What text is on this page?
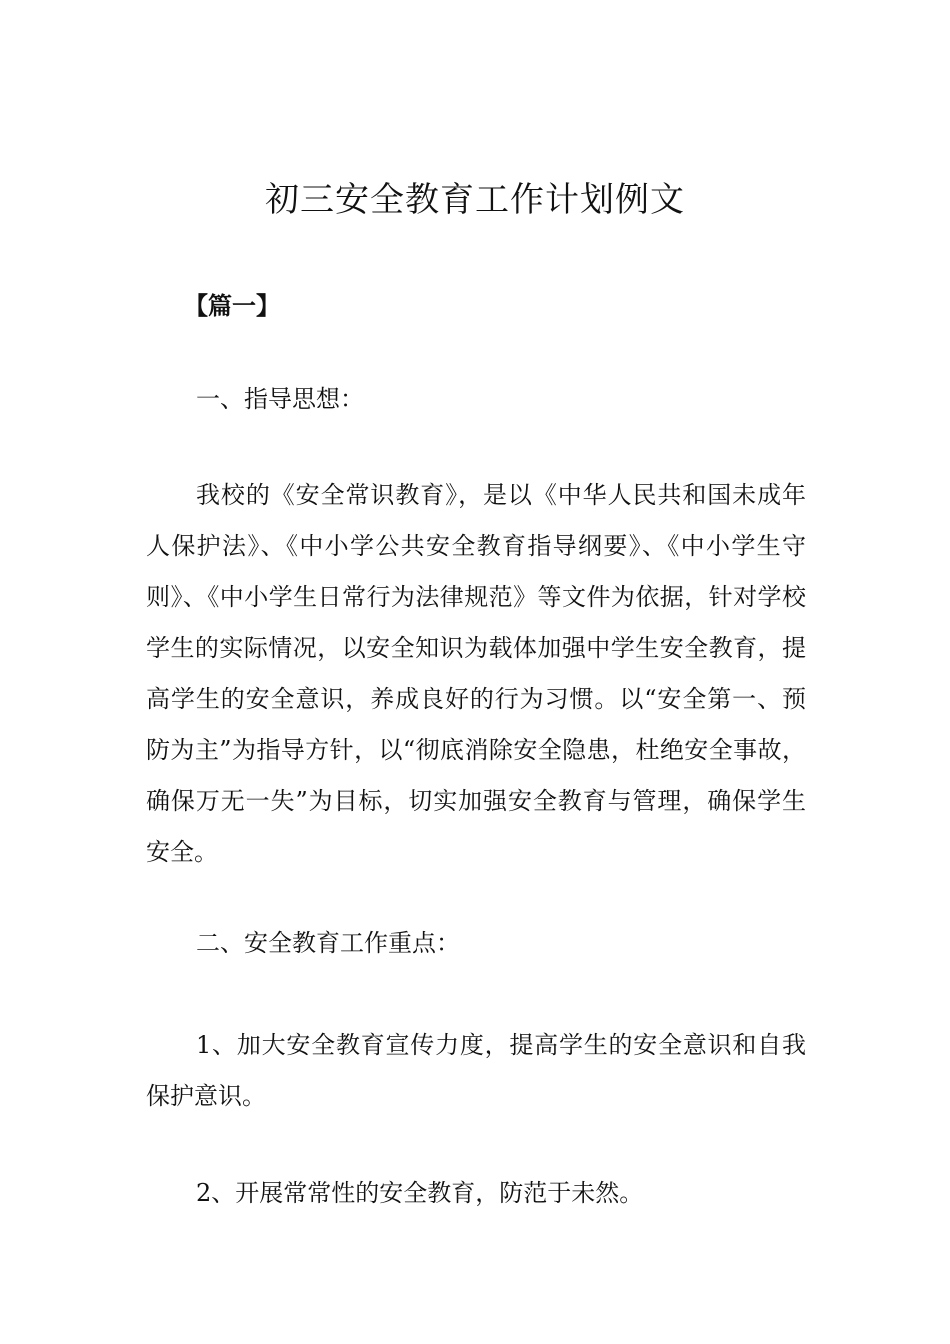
初三安全教育工作计划例文

【篇一】

一、指导思想：

我校的《安全常识教育》，是以《中华人民共和国未成年人保护法》、《中小学公共安全教育指导纲要》、《中小学生守则》、《中小学生日常行为法律规范》等文件为依据，针对学校学生的实际情况，以安全知识为载体加强中学生安全教育，提高学生的安全意识，养成良好的行为习惯。以“安全第一、预防为主”为指导方针，以“彻底消除安全隐患，杜绝安全事故，确保万无一失”为目标，切实加强安全教育与管理，确保学生安全。

二、安全教育工作重点：

1、加大安全教育宣传力度，提高学生的安全意识和自我保护意识。

2、开展常常性的安全教育，防范于未然。
